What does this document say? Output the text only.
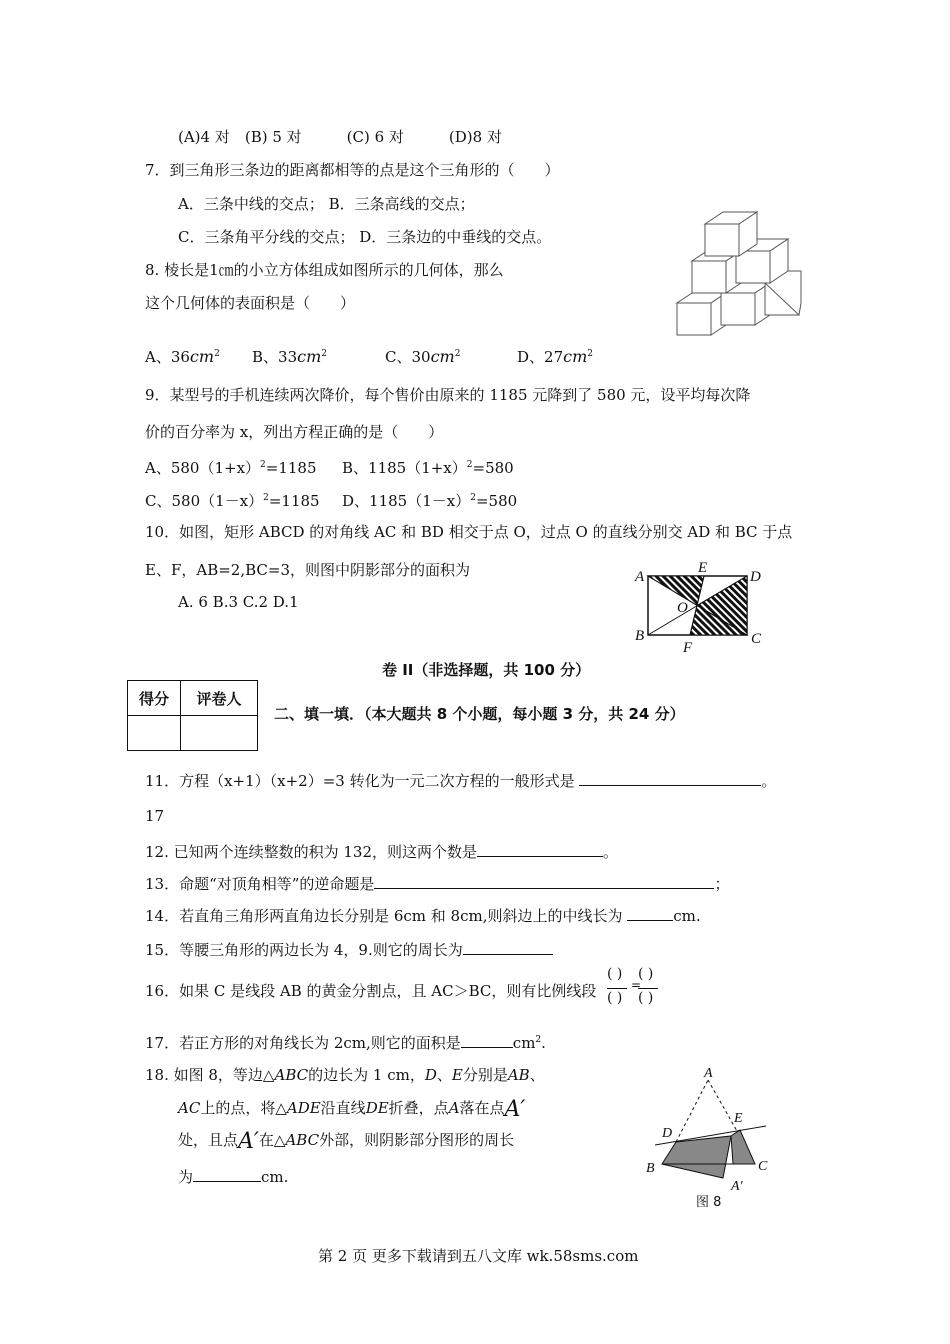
(A)4 对　(B) 5 对　　　(C) 6 对　　　(D)8 对
7．到三角形三条边的距离都相等的点是这个三角形的（　　）
A．三条中线的交点； B．三条高线的交点；
C．三条角平分线的交点； D．三条边的中垂线的交点。
8. 棱长是1㎝的小立方体组成如图所示的几何体，那么
这个几何体的表面积是（　　）
A、$36cm^2$ B、$33cm^2$	C、$30cm^2$	D、$27cm^2$
9．某型号的手机连续两次降价，每个售价由原来的 1185 元降到了 580 元，设平均每次降
价的百分率为 x，列出方程正确的是（　　）
A、$580(1+x)^2=1185$ B、$1185(1+x)^2=580$
C、$580(1-x)^2=1185$ D、$1185(1-x)^2=580$
10．如图，矩形 ABCD 的对角线 AC 和 BD 相交于点 O，过点 O 的直线分别交 AD 和 BC 于点
E、F，AB=2,BC=3，则图中阴影部分的面积为
A. 6 B.3 C.2 D.1
A
E
D
O
B	C
F
卷 II（非选择题，共 100 分）
得分	评卷人

二、填一填．（本大题共 8 个小题，每小题 3 分，共 24 分）
11．方程（x+1）（x+2）=3 转化为一元二次方程的一般形式是	。
17
12. 已知两个连续整数的积为 132，则这两个数是	。
13．命题“对顶角相等”的逆命题是	；
14．若直角三角形两直角边长分别是 6cm 和 8cm,则斜边上的中线长为	cm.
15．等腰三角形的两边长为 4，9.则它的周长为
16．如果 C 是线段 AB 的黄金分割点，且 AC＞BC，则有比例线段
( ) ( )
=
( ) ( )
17．若正方形的对角线长为 2cm,则它的面积是	$cm^2$.
18. 如图 8，等边△ABC的边长为 1 cm，D、E分别是AB、
AC上的点，将△ADE沿直线DE折叠，点A落在点A′
处，且点A′在△ABC外部，则阴影部分图形的周长
为	cm.
A
D
E
B	C
A′
图 8
第 2 页 更多下载请到五八文库 wk.58sms.com
